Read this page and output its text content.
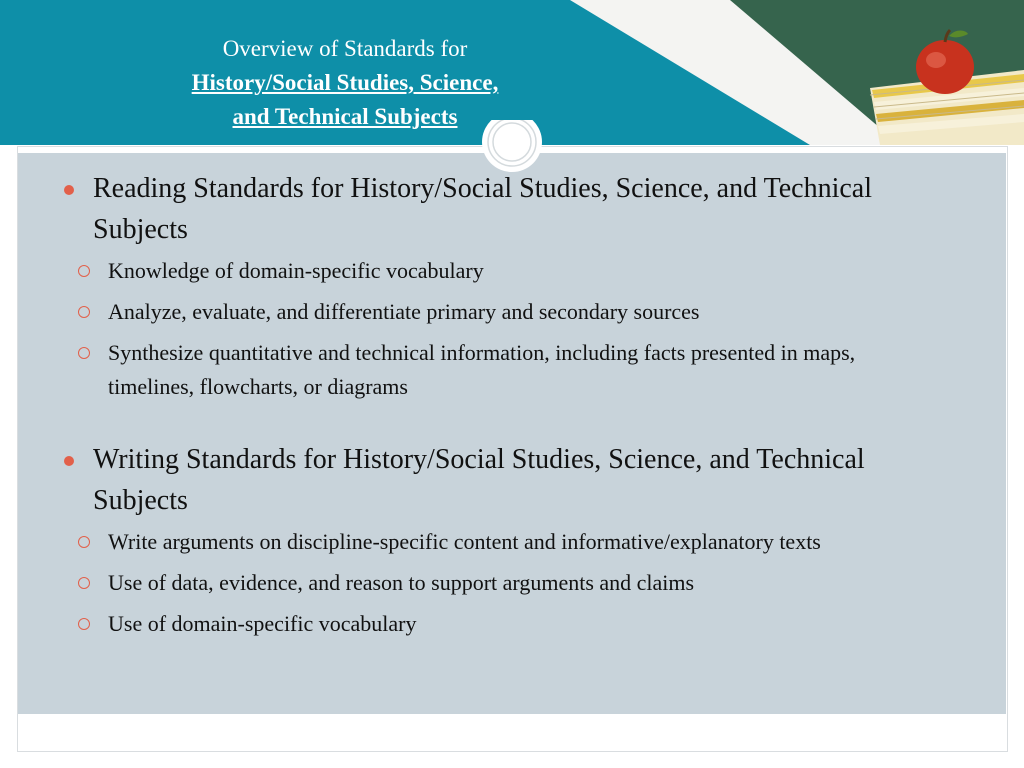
Overview of Standards for
History/Social Studies, Science,
and Technical Subjects
Reading Standards for History/Social Studies, Science, and Technical Subjects
Knowledge of domain-specific vocabulary
Analyze, evaluate, and differentiate primary and secondary sources
Synthesize quantitative and technical information, including facts presented in maps, timelines, flowcharts, or diagrams
Writing Standards for History/Social Studies, Science, and Technical Subjects
Write arguments on discipline-specific content and informative/explanatory texts
Use of data, evidence, and reason to support arguments and claims
Use of domain-specific vocabulary
